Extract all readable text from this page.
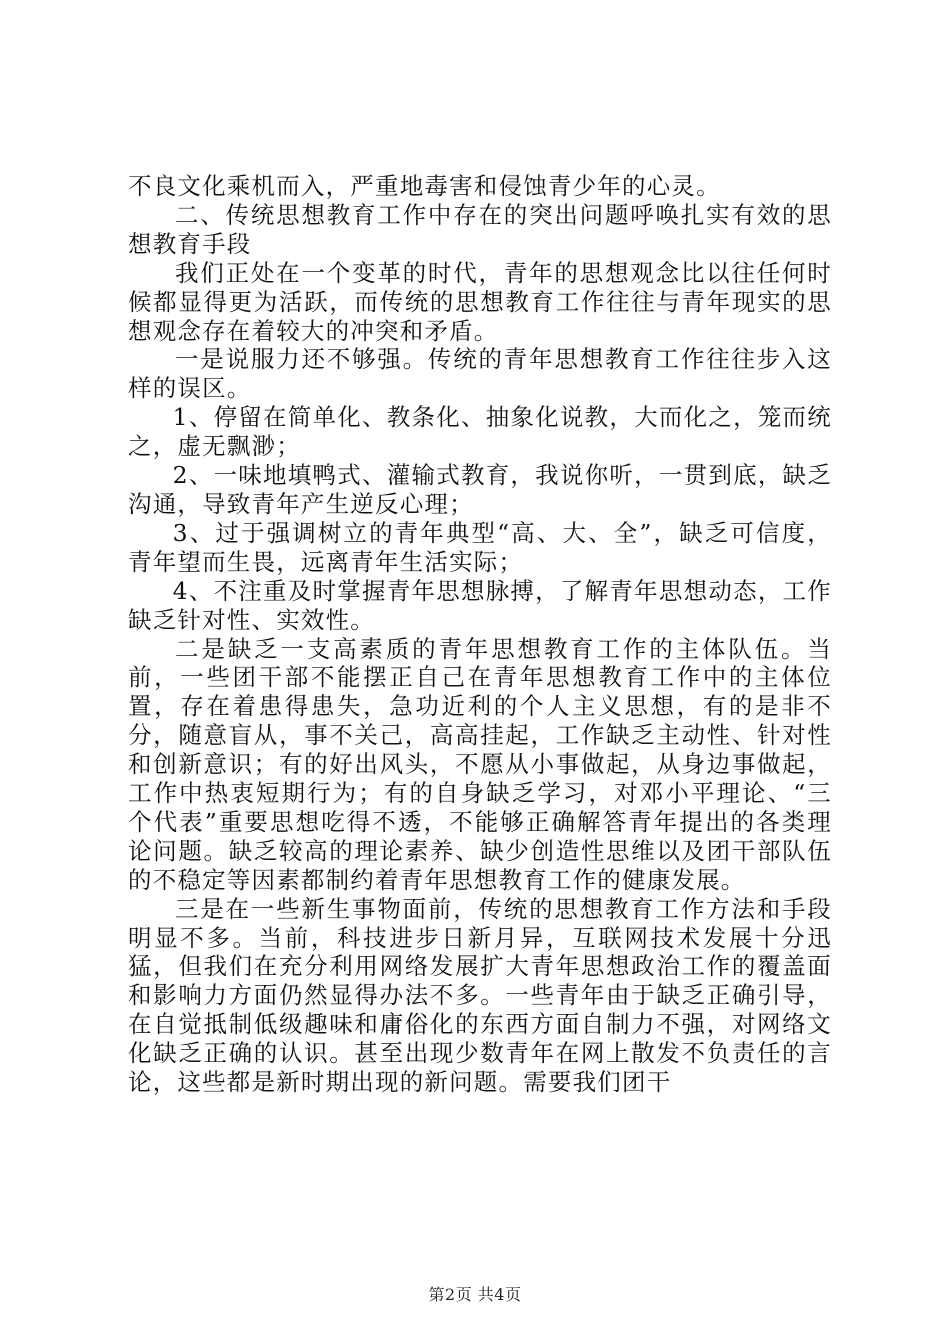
不良文化乘机而入，严重地毒害和侵蚀青少年的心灵。

二、传统思想教育工作中存在的突出问题呼唤扎实有效的思想教育手段

我们正处在一个变革的时代，青年的思想观念比以往任何时候都显得更为活跃，而传统的思想教育工作往往与青年现实的思想观念存在着较大的冲突和矛盾。

一是说服力还不够强。传统的青年思想教育工作往往步入这样的误区。

1、停留在简单化、教条化、抽象化说教，大而化之，笼而统之，虚无飘渺；

2、一味地填鸭式、灌输式教育，我说你听，一贯到底，缺乏沟通，导致青年产生逆反心理；

3、过于强调树立的青年典型“高、大、全”，缺乏可信度，青年望而生畏，远离青年生活实际；

4、不注重及时掌握青年思想脉搏，了解青年思想动态，工作缺乏针对性、实效性。

二是缺乏一支高素质的青年思想教育工作的主体队伍。当前，一些团干部不能摆正自己在青年思想教育工作中的主体位置，存在着患得患失，急功近利的个人主义思想，有的是非不分，随意盲从，事不关己，高高挂起，工作缺乏主动性、针对性和创新意识；有的好出风头，不愿从小事做起，从身边事做起，工作中热衷短期行为；有的自身缺乏学习，对邓小平理论、“三个代表”重要思想吃得不透，不能够正确解答青年提出的各类理论问题。缺乏较高的理论素养、缺少创造性思维以及团干部队伍的不稳定等因素都制约着青年思想教育工作的健康发展。

三是在一些新生事物面前，传统的思想教育工作方法和手段明显不多。当前，科技进步日新月异，互联网技术发展十分迅猛，但我们在充分利用网络发展扩大青年思想政治工作的覆盖面和影响力方面仍然显得办法不多。一些青年由于缺乏正确引导，在自觉抵制低级趣味和庸俗化的东西方面自制力不强，对网络文化缺乏正确的认识。甚至出现少数青年在网上散发不负责任的言论，这些都是新时期出现的新问题。需要我们团干

第2页 共4页
